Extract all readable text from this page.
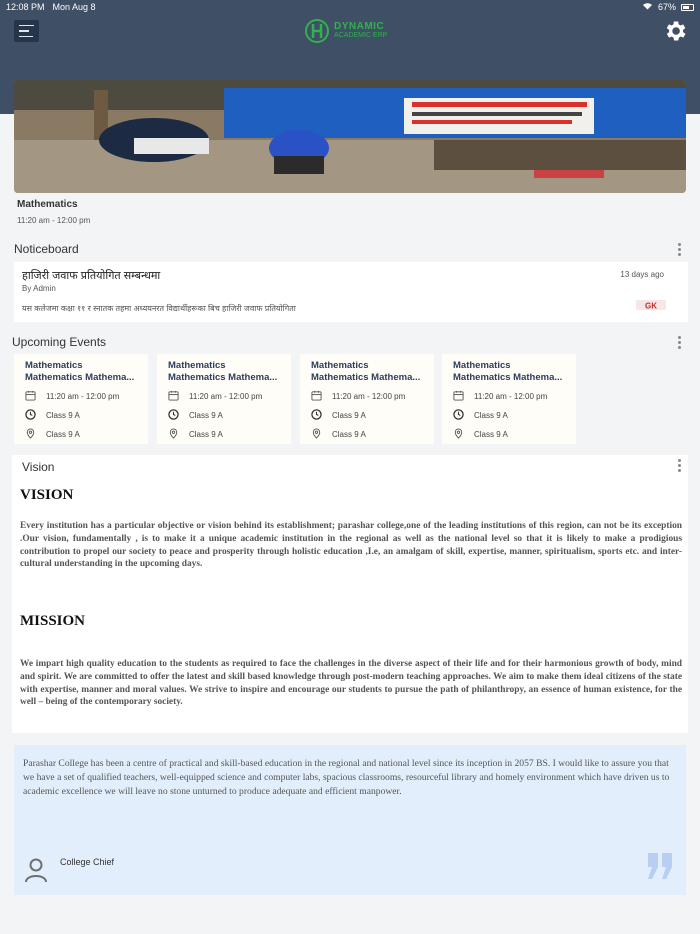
12:08 PM Mon Aug 8	67%
DYNAMIC
ACADEMIC ERP
Mathematics
11:20 am - 12:00 pm
Noticeboard
हाजिरी जवाफ प्रतियोगित सम्बन्धमा
By Admin
यस कलेजमा कक्षा ११ र स्नातक तहमा अध्ययनरत विद्यार्थीहरूका बिच हाजिरी जवाफ प्रतियोगिता
13 days ago
GK
Upcoming Events
Mathematics
Mathematics Mathema...
11:20 am - 12:00 pm
Class 9 A
Class 9 A
Mathematics
Mathematics Mathema...
11:20 am - 12:00 pm
Class 9 A
Class 9 A
Mathematics
Mathematics Mathema...
11:20 am - 12:00 pm
Class 9 A
Class 9 A
Mathematics
Mathematics Mathema...
11:20 am - 12:00 pm
Class 9 A
Class 9 A
Vision
VISION
Every institution has a particular objective or vision behind its establishment; parashar college,one of the leading institutions of this region, can not be its exception .Our vision, fundamentally , is to make it a unique academic institution in the regional as well as the national level so that it is likely to make a prodigious contribution to propel our society to peace and prosperity through holistic education ,I.e, an amalgam of skill, expertise, manner, spiritualism, sports etc. and inter-cultural understanding in the upcoming days.
MISSION
We impart high quality education to the students as required to face the challenges in the diverse aspect of their life and for their harmonious growth of body, mind and spirit. We are committed to offer the latest and skill based knowledge through post-modern teaching approaches. We aim to make them ideal citizens of the state with expertise, manner and moral values. We strive to inspire and encourage our students to pursue the path of philanthropy, an essence of human existence, for the well – being of the contemporary society.
Parashar College has been a centre of practical and skill-based education in the regional and national level since its inception in 2057 BS. I would like to assure you that we have a set of qualified teachers, well-equipped science and computer labs, spacious classrooms, resourceful library and homely environment which have driven us to academic excellence we will leave no stone unturned to produce adequate and efficient manpower.
College Chief
